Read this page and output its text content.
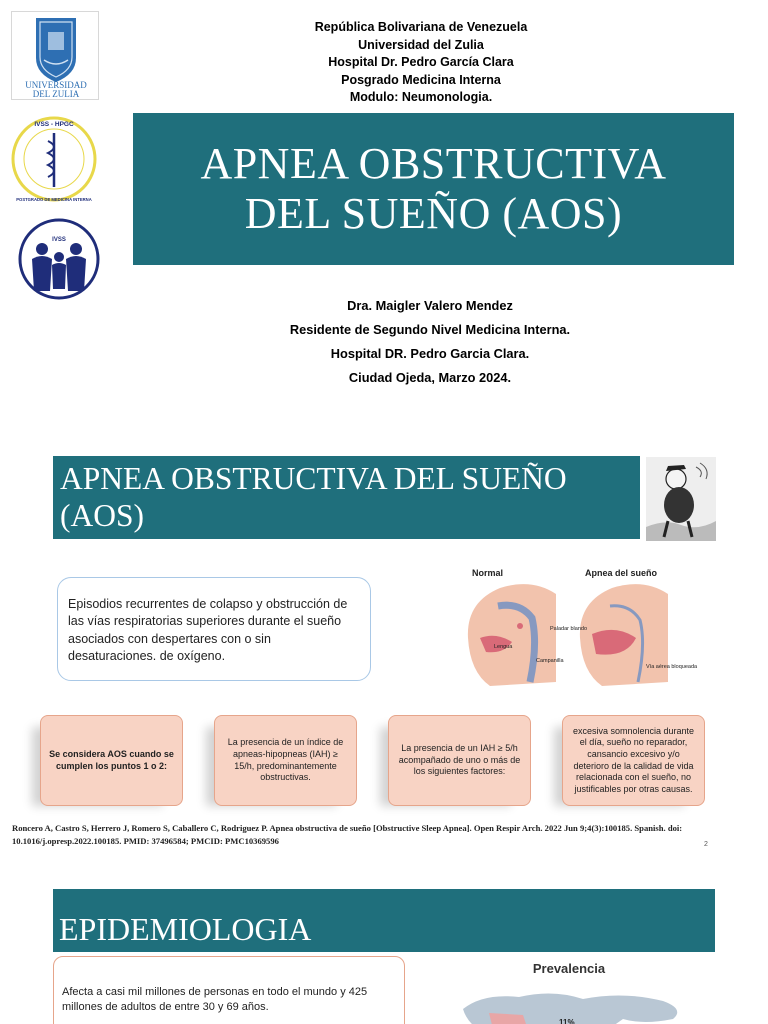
UNIVERSIDAD
DEL ZULIA
IVSS - HPGC
POSTGRADO DE MEDICINA INTERNA
IVSS
República Bolivariana de Venezuela
Universidad del Zulia
Hospital Dr. Pedro García Clara
Posgrado Medicina Interna
Modulo: Neumonologia.
APNEA OBSTRUCTIVA
DEL SUEÑO (AOS)
Dra. Maigler Valero Mendez
Residente de Segundo Nivel Medicina Interna.
Hospital DR. Pedro Garcia Clara.
Ciudad Ojeda, Marzo 2024.
APNEA OBSTRUCTIVA DEL SUEÑO
(AOS)

Episodios recurrentes de colapso y obstrucción de las vías respiratorias superiores durante el sueño asociados con despertares con o sin desaturaciones. de oxígeno.

Normal	Apnea del sueño
Paladar blando
Lengua
Campanilla
Vía aérea bloqueada
Se considera AOS cuando se cumplen los puntos 1 o 2:
La presencia de un índice de apneas-hipopneas (IAH) ≥ 15/h, predominantemente obstructivas.
La presencia de un IAH ≥ 5/h acompañado de uno o más de los siguientes factores:
excesiva somnolencia durante el día, sueño no reparador, cansancio excesivo y/o deterioro de la calidad de vida relacionada con el sueño, no justificables por otras causas.
Roncero A, Castro S, Herrero J, Romero S, Caballero C, Rodriguez P. Apnea obstructiva de sueño [Obstructive Sleep Apnea]. Open Respir Arch. 2022 Jun 9;4(3):100185. Spanish. doi: 10.1016/j.opresp.2022.100185. PMID: 37496584; PMCID: PMC10369596	2
EPIDEMIOLOGIA

Afecta a casi mil millones de personas en todo el mundo y 425 millones de adultos de entre 30 y 69 años.

Prevalencia
11%
